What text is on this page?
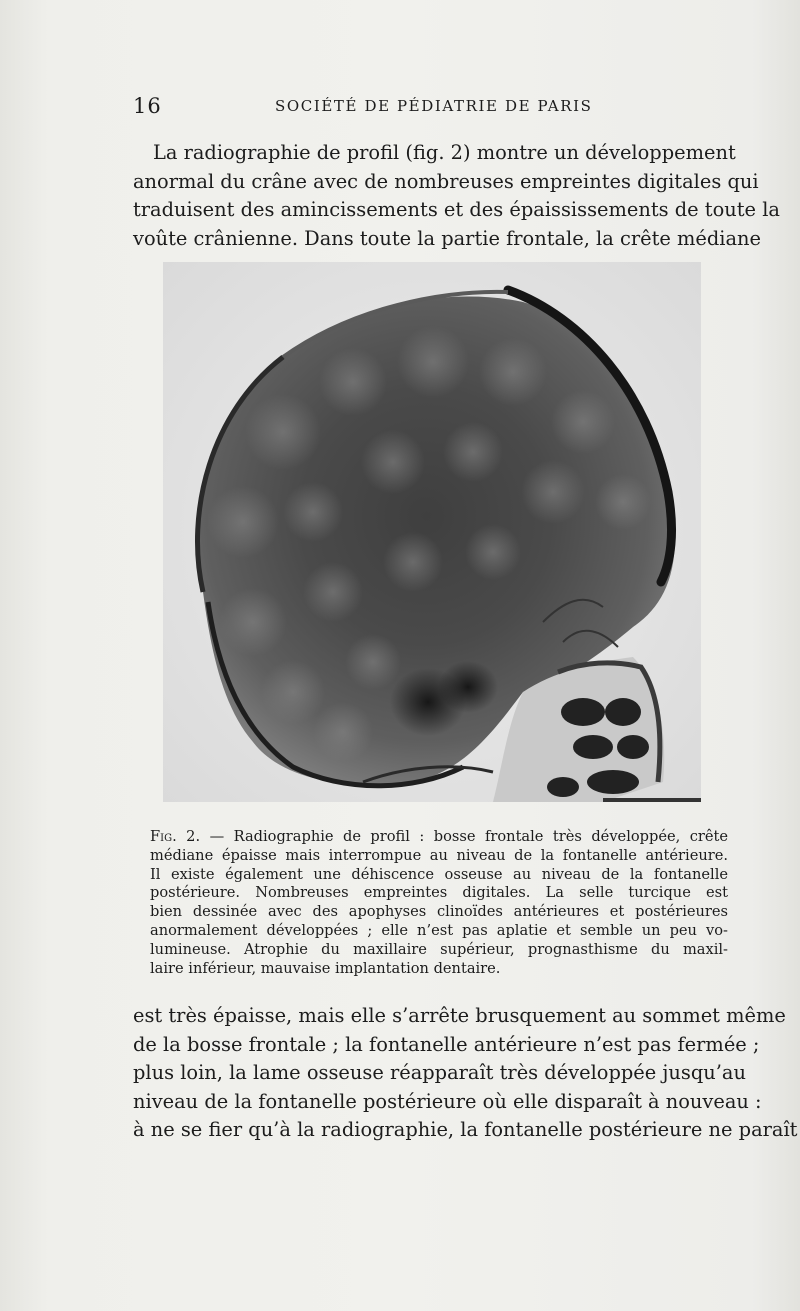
16	SOCIÉTÉ DE PÉDIATRIE DE PARIS

La radiographie de profil (fig. 2) montre un développement
anormal du crâne avec de nombreuses empreintes digitales qui
traduisent des amincissements et des épaississements de toute la
voûte crânienne. Dans toute la partie frontale, la crête médiane

Fig. 2. — Radiographie de profil : bosse frontale très développée, crête
médiane épaisse mais interrompue au niveau de la fontanelle antérieure.
Il existe également une déhiscence osseuse au niveau de la fontanelle
postérieure. Nombreuses empreintes digitales. La selle turcique est
bien dessinée avec des apophyses clinoïdes antérieures et postérieures
anormalement développées ; elle n’est pas aplatie et semble un peu vo-
lumineuse. Atrophie du maxillaire supérieur, prognasthisme du maxil-
laire inférieur, mauvaise implantation dentaire.

est très épaisse, mais elle s’arrête brusquement au sommet même
de la bosse frontale ; la fontanelle antérieure n’est pas fermée ;
plus loin, la lame osseuse réapparaît très développée jusqu’au
niveau de la fontanelle postérieure où elle disparaît à nouveau :
à ne se fier qu’à la radiographie, la fontanelle postérieure ne paraît
